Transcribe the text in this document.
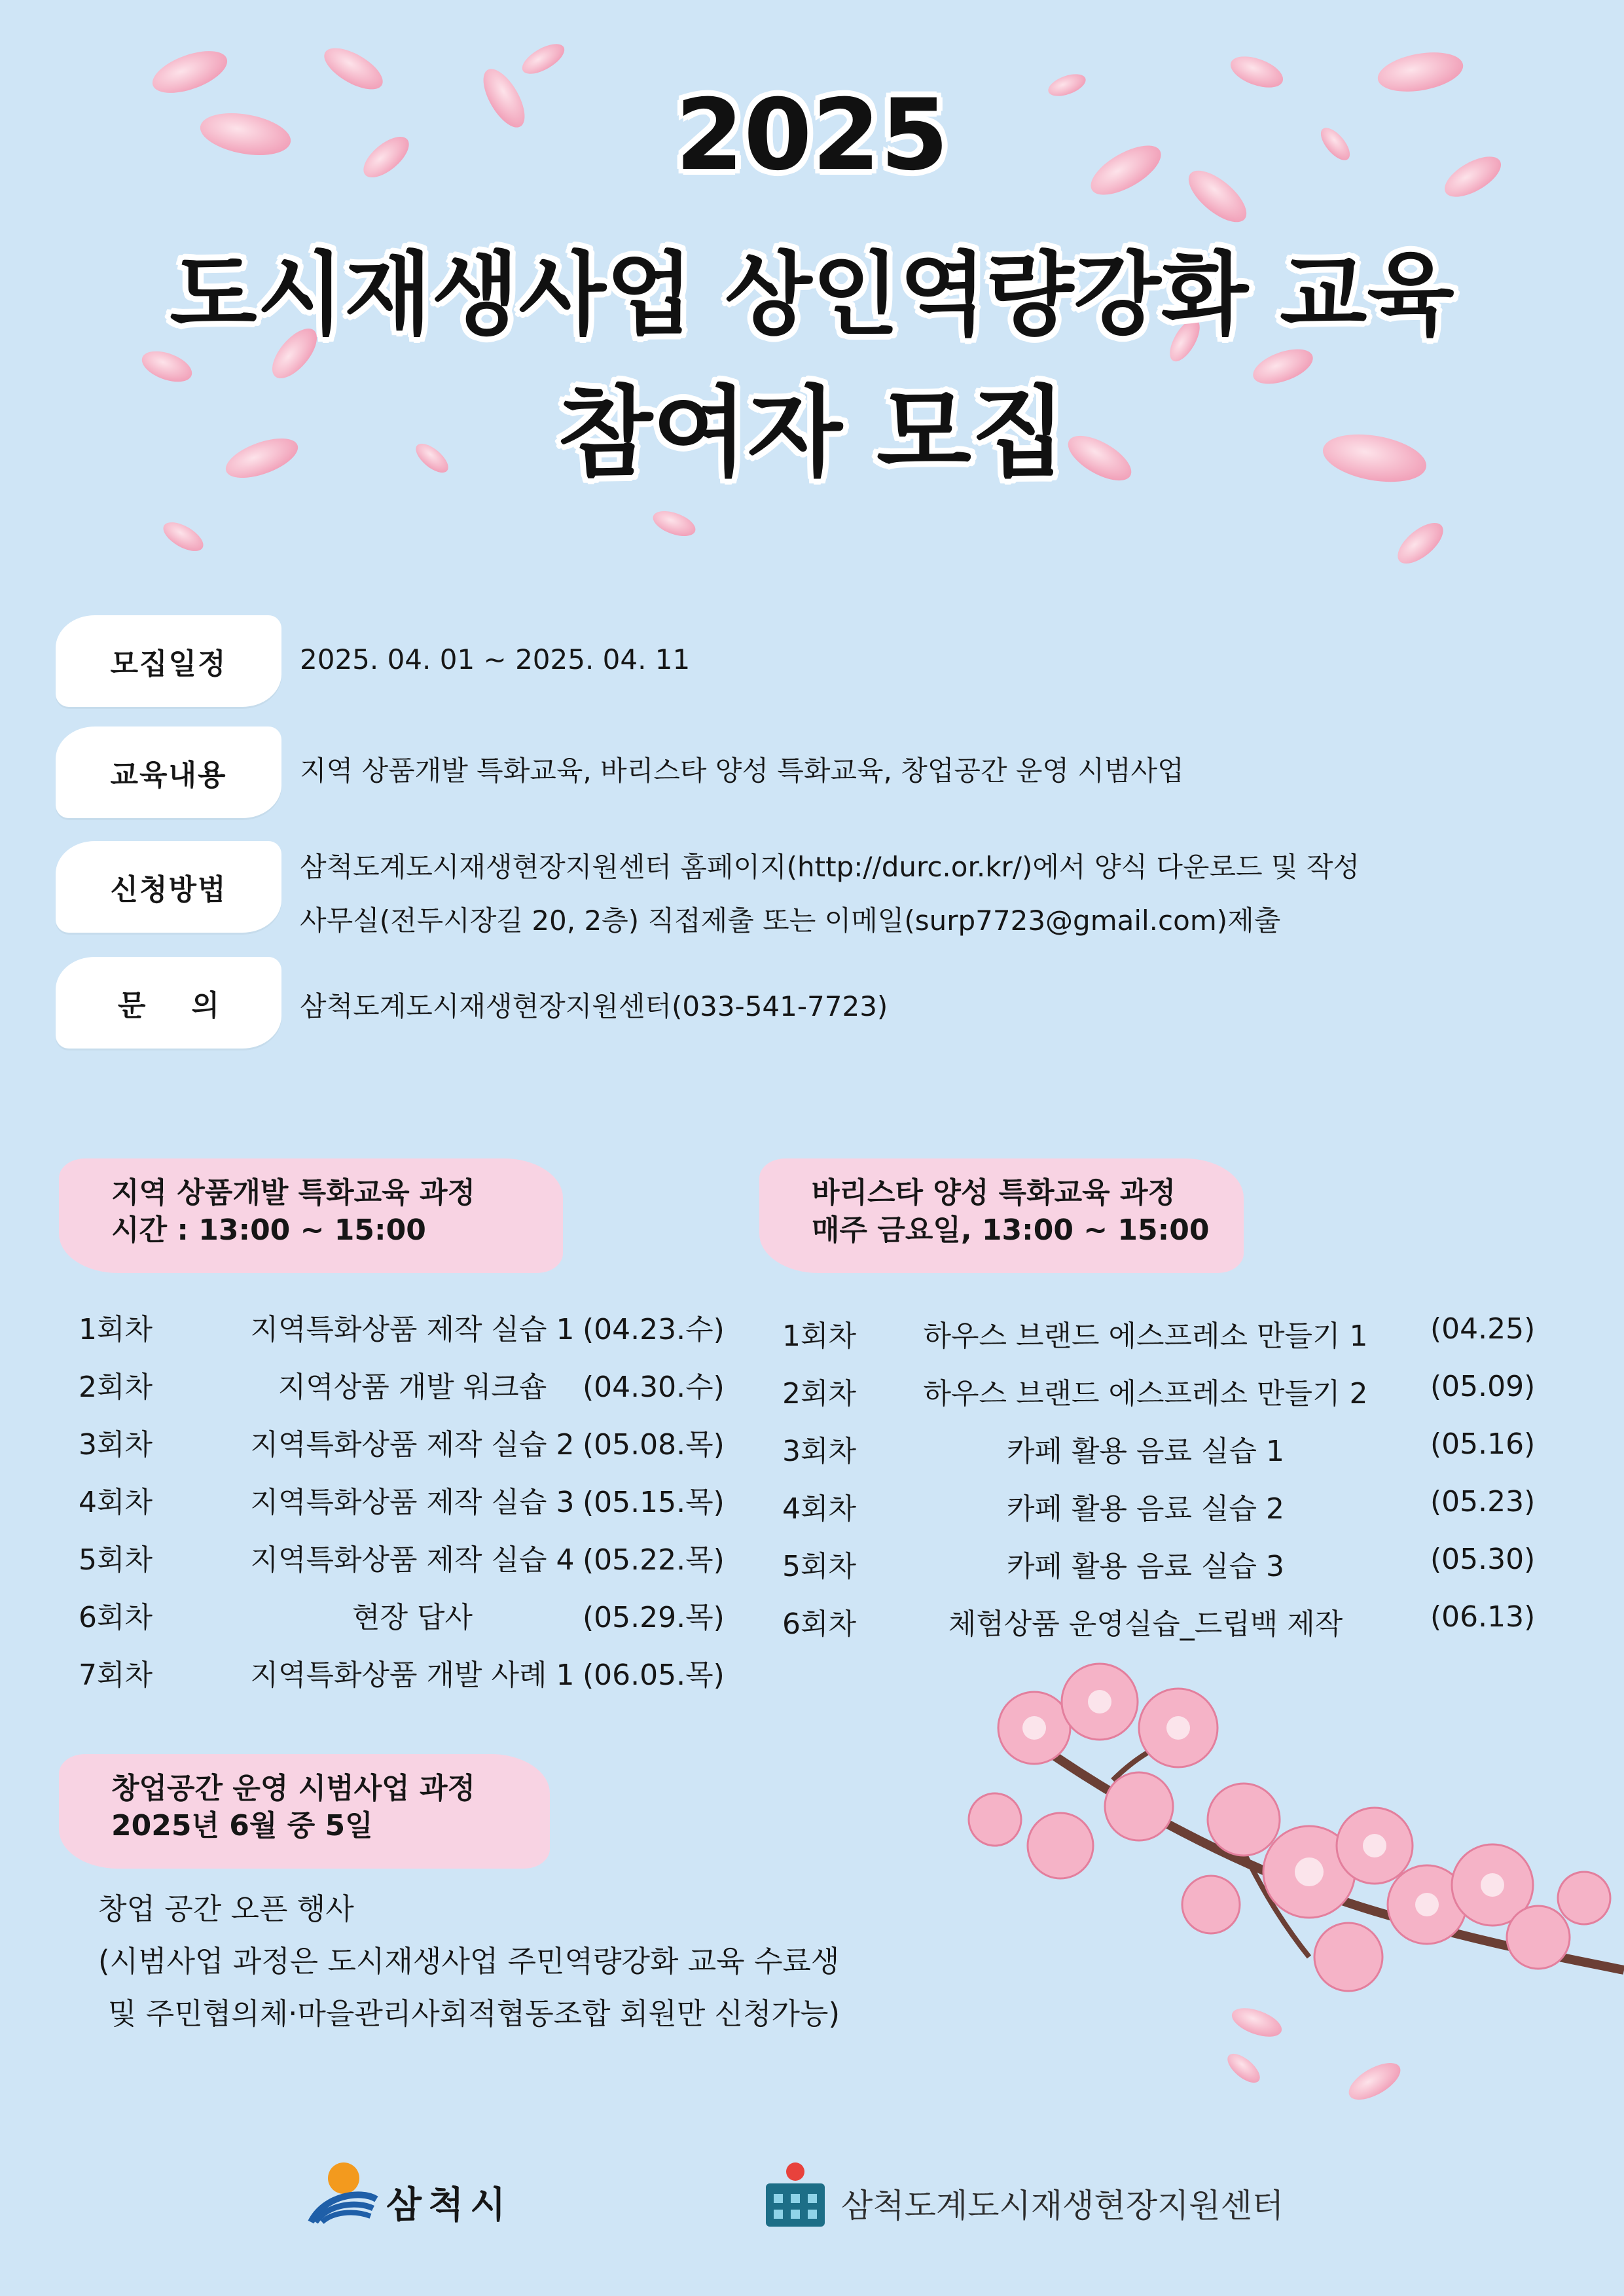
2025
도시재생사업 상인역량강화 교육
참여자 모집
모집일정	2025. 04. 01 ~ 2025. 04. 11
교육내용	지역 상품개발 특화교육, 바리스타 양성 특화교육, 창업공간 운영 시범사업
신청방법
삼척도계도시재생현장지원센터 홈페이지(http://durc.or.kr/)에서 양식 다운로드 및 작성
사무실(전두시장길 20, 2층) 직접제출 또는 이메일(surp7723@gmail.com)제출
문의	삼척도계도시재생현장지원센터(033-541-7723)
지역 상품개발 특화교육 과정
시간 : 13:00 ~ 15:00
1회차	지역특화상품 제작 실습 1 (04.23.수)
2회차	지역상품 개발 워크숍	(04.30.수)
3회차	지역특화상품 제작 실습 2 (05.08.목)
4회차	지역특화상품 제작 실습 3 (05.15.목)
5회차	지역특화상품 제작 실습 4 (05.22.목)
6회차	현장 답사	(05.29.목)
7회차	지역특화상품 개발 사례 1 (06.05.목)
바리스타 양성 특화교육 과정
매주 금요일, 13:00 ~ 15:00
1회차	하우스 브랜드 에스프레소 만들기 1	(04.25)
2회차	하우스 브랜드 에스프레소 만들기 2	(05.09)
3회차	카페 활용 음료 실습 1	(05.16)
4회차	카페 활용 음료 실습 2	(05.23)
5회차	카페 활용 음료 실습 3	(05.30)
6회차	체험상품 운영실습_드립백 제작	(06.13)
창업공간 운영 시범사업 과정
2025년 6월 중 5일
창업 공간 오픈 행사
(시범사업 과정은 도시재생사업 주민역량강화 교육 수료생
및 주민협의체·마을관리사회적협동조합 회원만 신청가능)
삼척시	삼척도계도시재생현장지원센터
